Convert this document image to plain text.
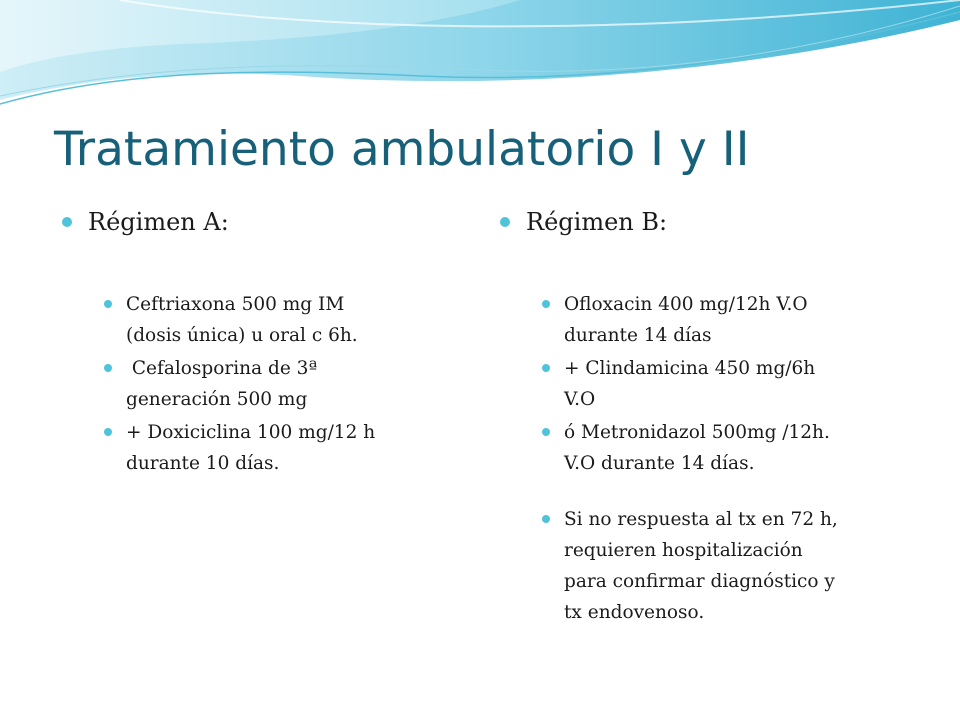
Tratamiento ambulatorio I y II
Régimen A:
Ceftriaxona 500 mg IM
(dosis única) u oral c 6h.
Cefalosporina de 3ª
generación 500 mg
+ Doxiciclina 100 mg/12 h
durante 10 días.
Régimen B:
Ofloxacin 400 mg/12h V.O
durante 14 días
+ Clindamicina 450 mg/6h
V.O
ó Metronidazol 500mg /12h.
V.O durante 14 días.
Si no respuesta al tx en 72 h,
requieren hospitalización
para confirmar diagnóstico y
tx endovenoso.
